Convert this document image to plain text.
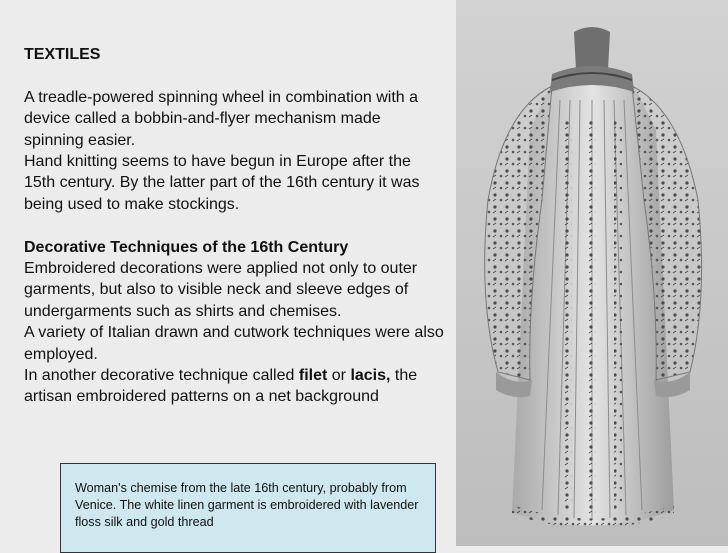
TEXTILES

A treadle-powered spinning wheel in combination with a device called a bobbin-and-flyer mechanism made spinning easier.

Hand knitting seems to have begun in Europe after the 15th century. By the latter part of the 16th century it was being used to make stockings.

Decorative Techniques of the 16th Century

Embroidered decorations were applied not only to outer garments, but also to visible neck and sleeve edges of undergarments such as shirts and chemises.

A variety of Italian drawn and cutwork techniques were also employed.

In another decorative technique called filet or lacis, the artisan embroidered patterns on a net background

Woman's chemise from the late 16th century, probably from Venice. The white linen garment is embroidered with lavender floss silk and gold thread
